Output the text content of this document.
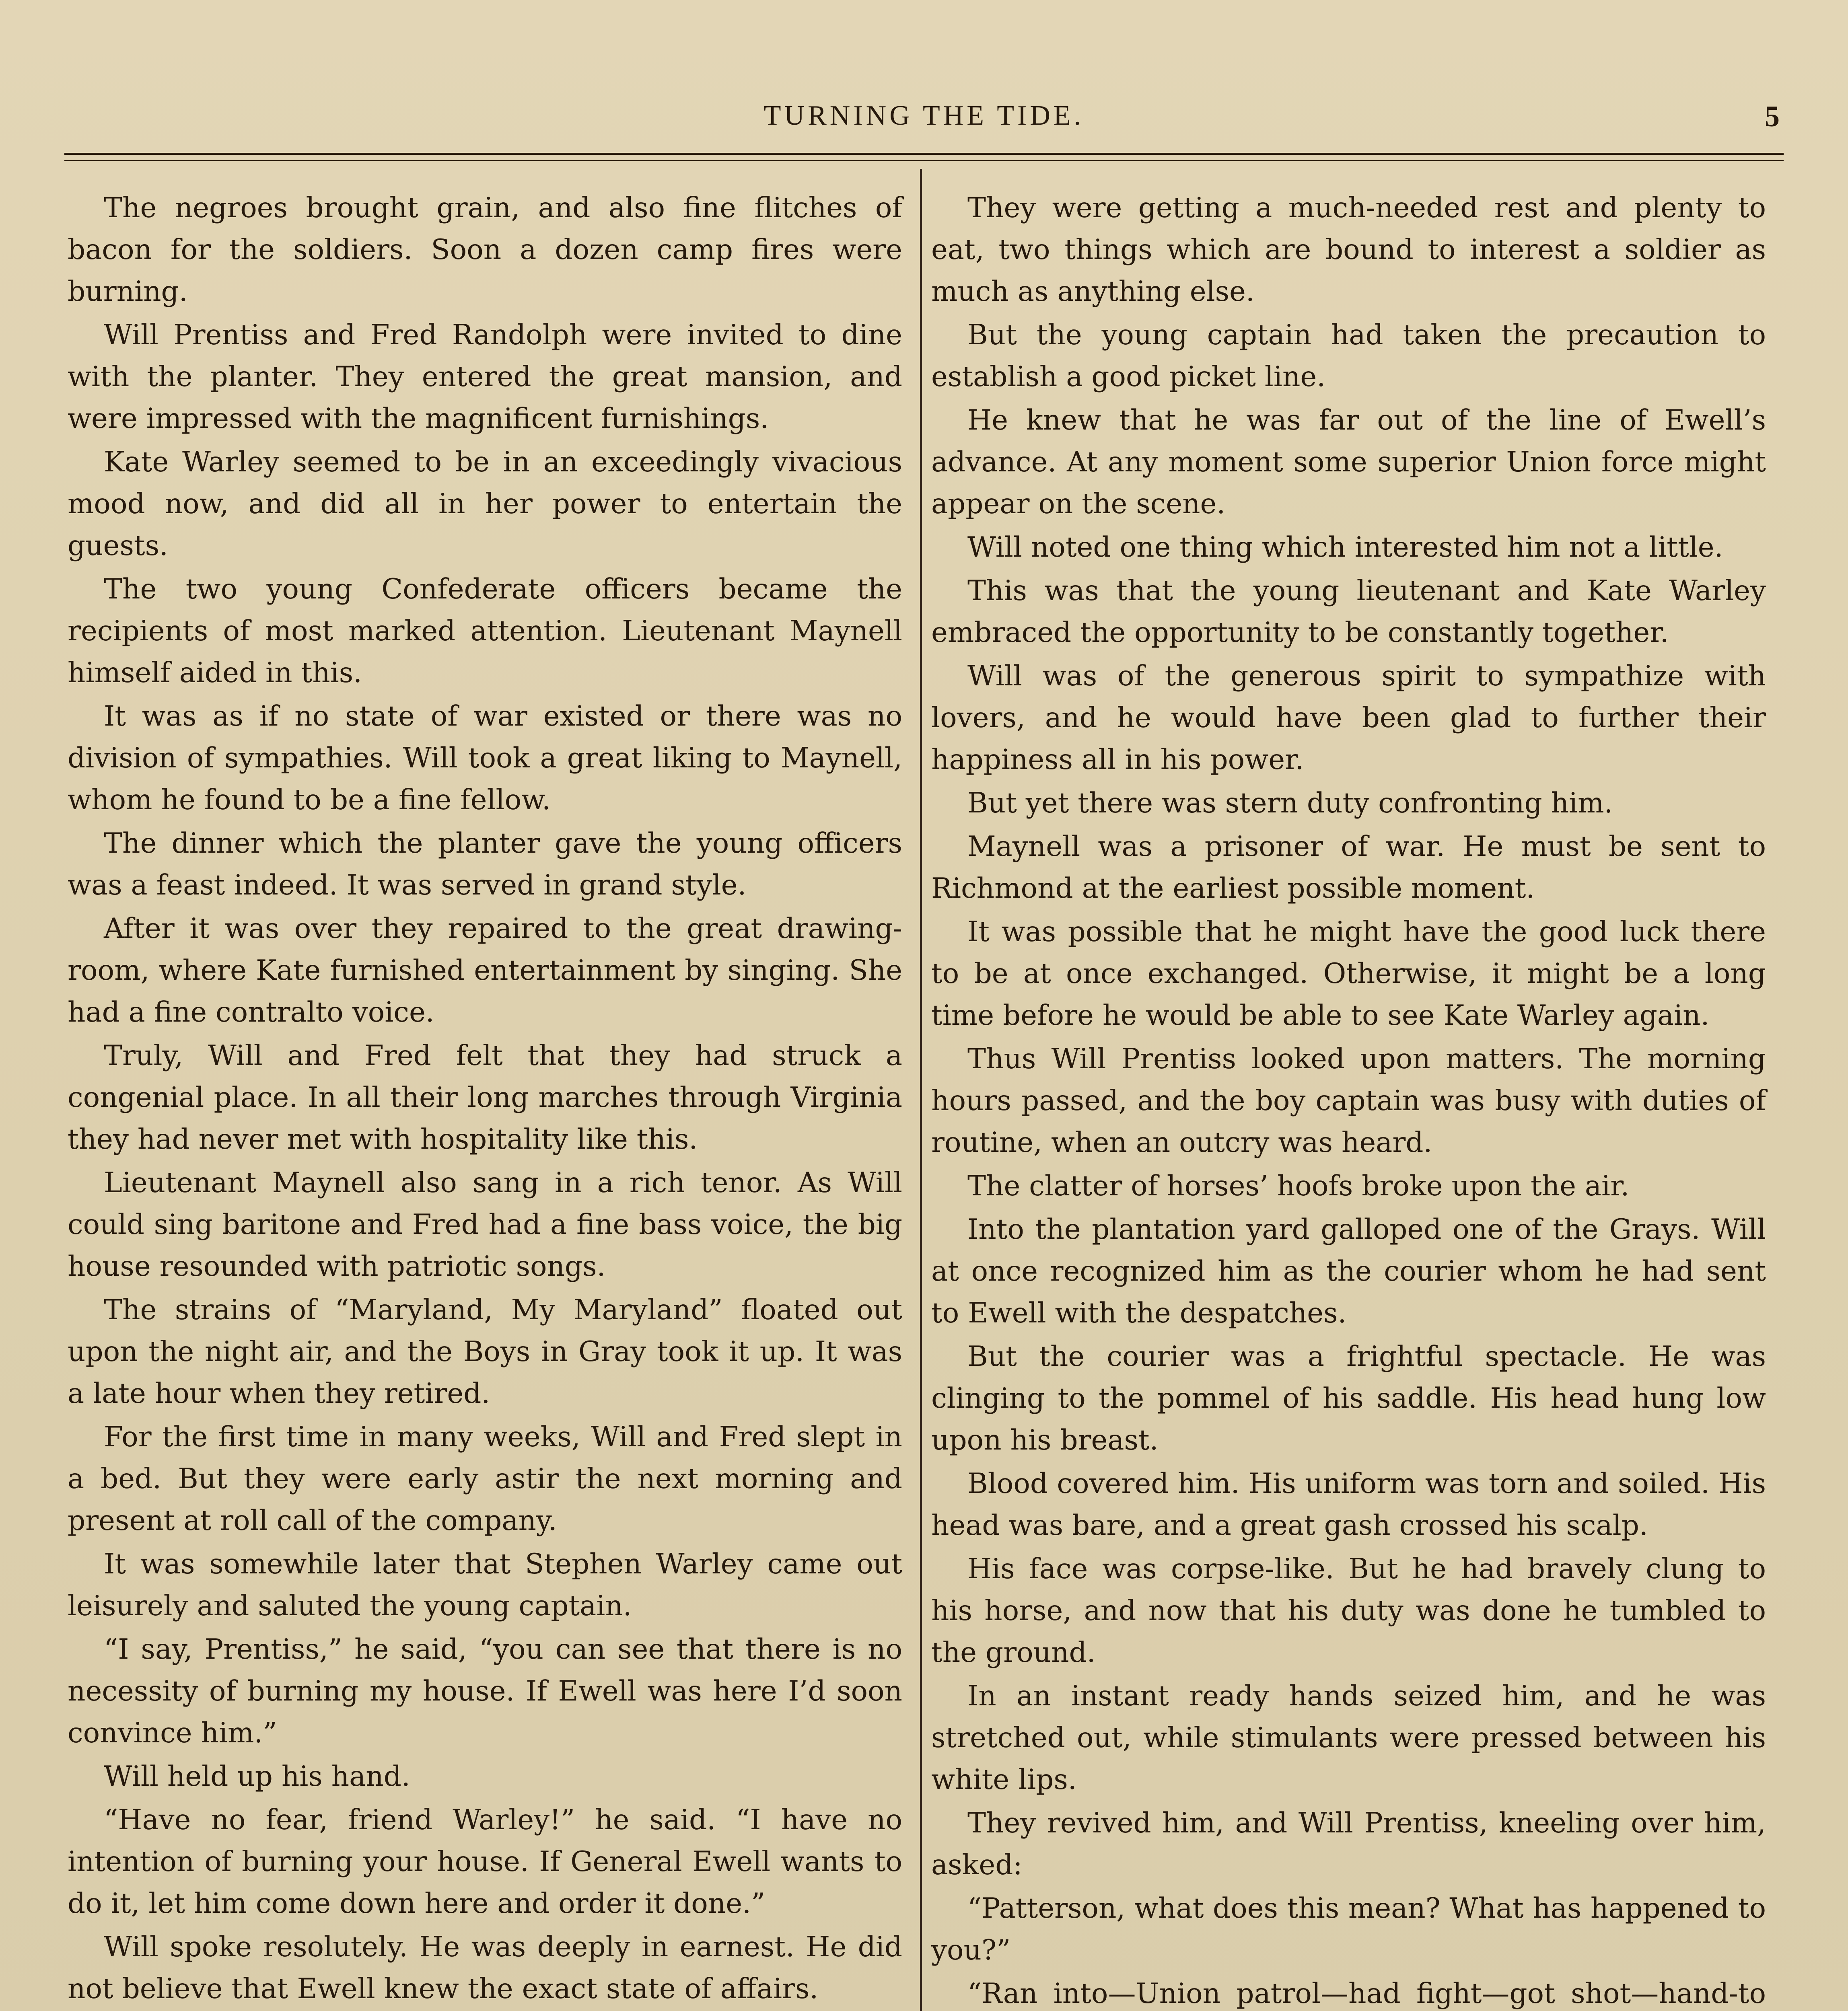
TURNING THE TIDE.	5

The negroes brought grain, and also fine flitches of bacon for the soldiers. Soon a dozen camp fires were burning.

Will Prentiss and Fred Randolph were invited to dine with the planter. They entered the great mansion, and were impressed with the magnificent furnishings.

Kate Warley seemed to be in an exceedingly vivacious mood now, and did all in her power to entertain the guests.

The two young Confederate officers became the recipients of most marked attention. Lieutenant Maynell himself aided in this.

It was as if no state of war existed or there was no division of sympathies. Will took a great liking to Maynell, whom he found to be a fine fellow.

The dinner which the planter gave the young officers was a feast indeed. It was served in grand style.

After it was over they repaired to the great drawing-room, where Kate furnished entertainment by singing. She had a fine contralto voice.

Truly, Will and Fred felt that they had struck a congenial place. In all their long marches through Virginia they had never met with hospitality like this.

Lieutenant Maynell also sang in a rich tenor. As Will could sing baritone and Fred had a fine bass voice, the big house resounded with patriotic songs.

The strains of “Maryland, My Maryland” floated out upon the night air, and the Boys in Gray took it up. It was a late hour when they retired.

For the first time in many weeks, Will and Fred slept in a bed. But they were early astir the next morning and present at roll call of the company.

It was somewhile later that Stephen Warley came out leisurely and saluted the young captain.

“I say, Prentiss,” he said, “you can see that there is no necessity of burning my house. If Ewell was here I’d soon convince him.”

Will held up his hand.

“Have no fear, friend Warley!” he said. “I have no intention of burning your house. If General Ewell wants to do it, let him come down here and order it done.”

Will spoke resolutely. He was deeply in earnest. He did not believe that Ewell knew the exact state of affairs.

They were getting a much-needed rest and plenty to eat, two things which are bound to interest a soldier as much as anything else.

But the young captain had taken the precaution to establish a good picket line.

He knew that he was far out of the line of Ewell’s advance. At any moment some superior Union force might appear on the scene.

Will noted one thing which interested him not a little.

This was that the young lieutenant and Kate Warley embraced the opportunity to be constantly together.

Will was of the generous spirit to sympathize with lovers, and he would have been glad to further their happiness all in his power.

But yet there was stern duty confronting him.

Maynell was a prisoner of war. He must be sent to Richmond at the earliest possible moment.

It was possible that he might have the good luck there to be at once exchanged. Otherwise, it might be a long time before he would be able to see Kate Warley again.

Thus Will Prentiss looked upon matters. The morning hours passed, and the boy captain was busy with duties of routine, when an outcry was heard.

The clatter of horses’ hoofs broke upon the air.

Into the plantation yard galloped one of the Grays. Will at once recognized him as the courier whom he had sent to Ewell with the despatches.

But the courier was a frightful spectacle. He was clinging to the pommel of his saddle. His head hung low upon his breast.

Blood covered him. His uniform was torn and soiled. His head was bare, and a great gash crossed his scalp.

His face was corpse-like. But he had bravely clung to his horse, and now that his duty was done he tumbled to the ground.

In an instant ready hands seized him, and he was stretched out, while stimulants were pressed between his white lips.

They revived him, and Will Prentiss, kneeling over him, asked:

“Patterson, what does this mean? What has happened to you?”

“Ran into—Union patrol—had fight—got shot—hand-to
